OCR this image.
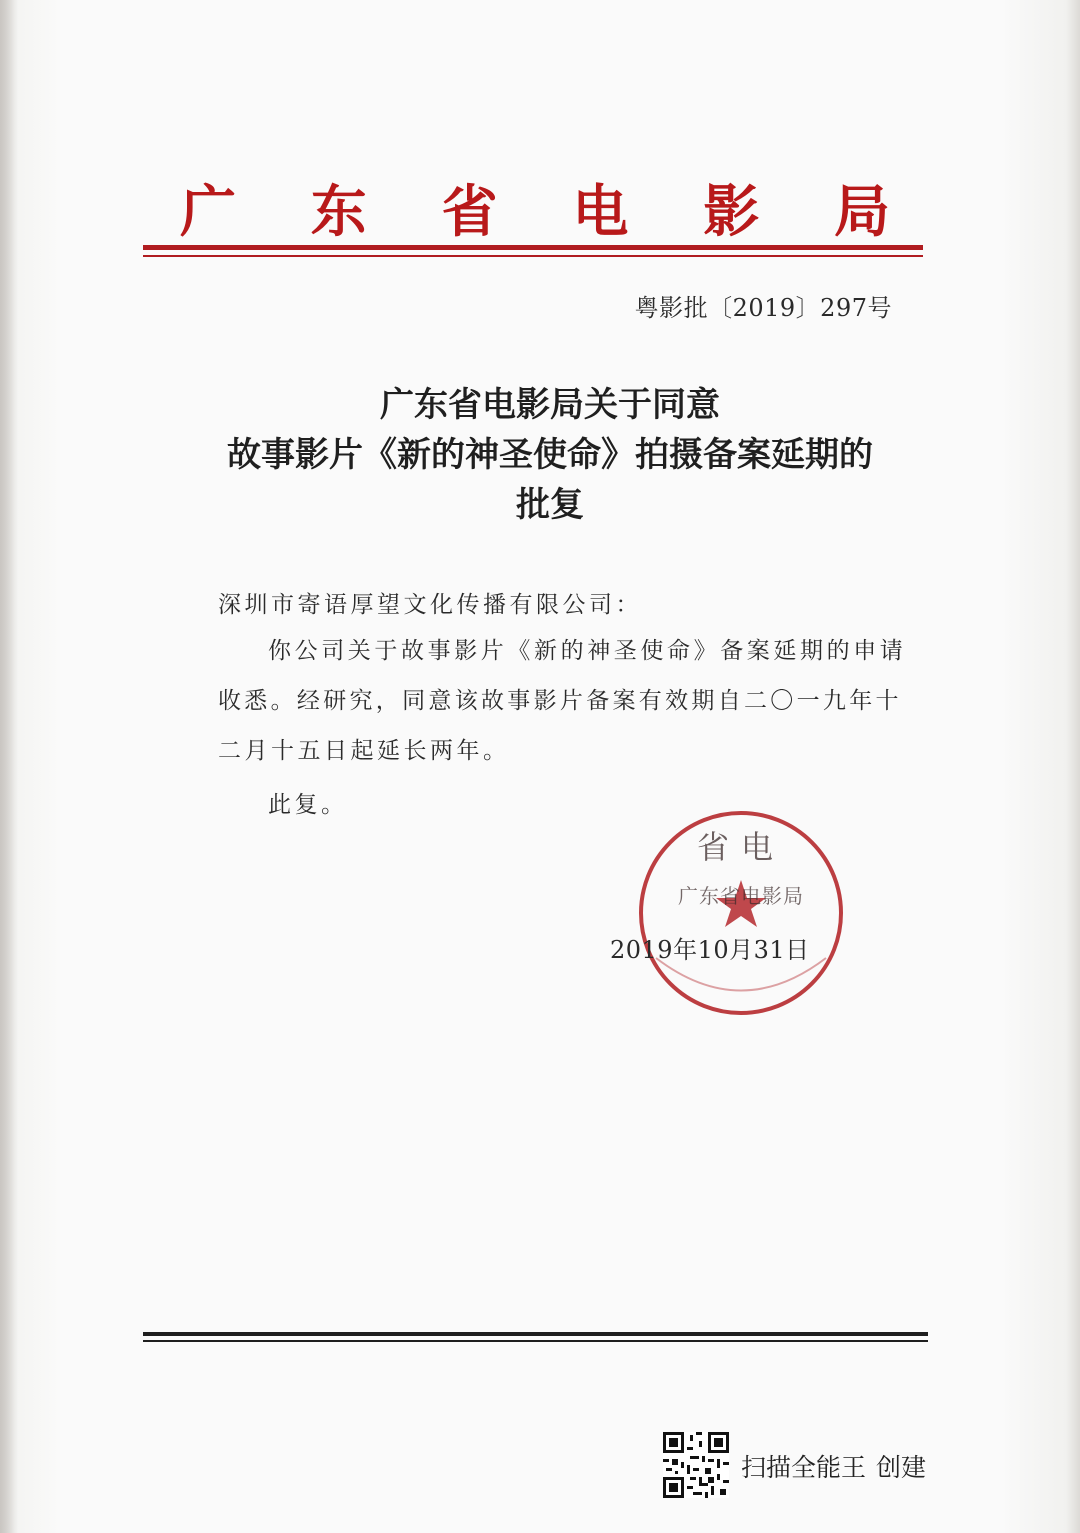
广 东 省 电 影 局
粤影批〔2019〕297号
广东省电影局关于同意
故事影片《新的神圣使命》拍摄备案延期的
批复
深圳市寄语厚望文化传播有限公司：
你公司关于故事影片《新的神圣使命》备案延期的申请
收悉。经研究，同意该故事影片备案有效期自二〇一九年十
二月十五日起延长两年。
此复。
省电
广东省电影局
2019年10月31日
扫描全能王 创建
